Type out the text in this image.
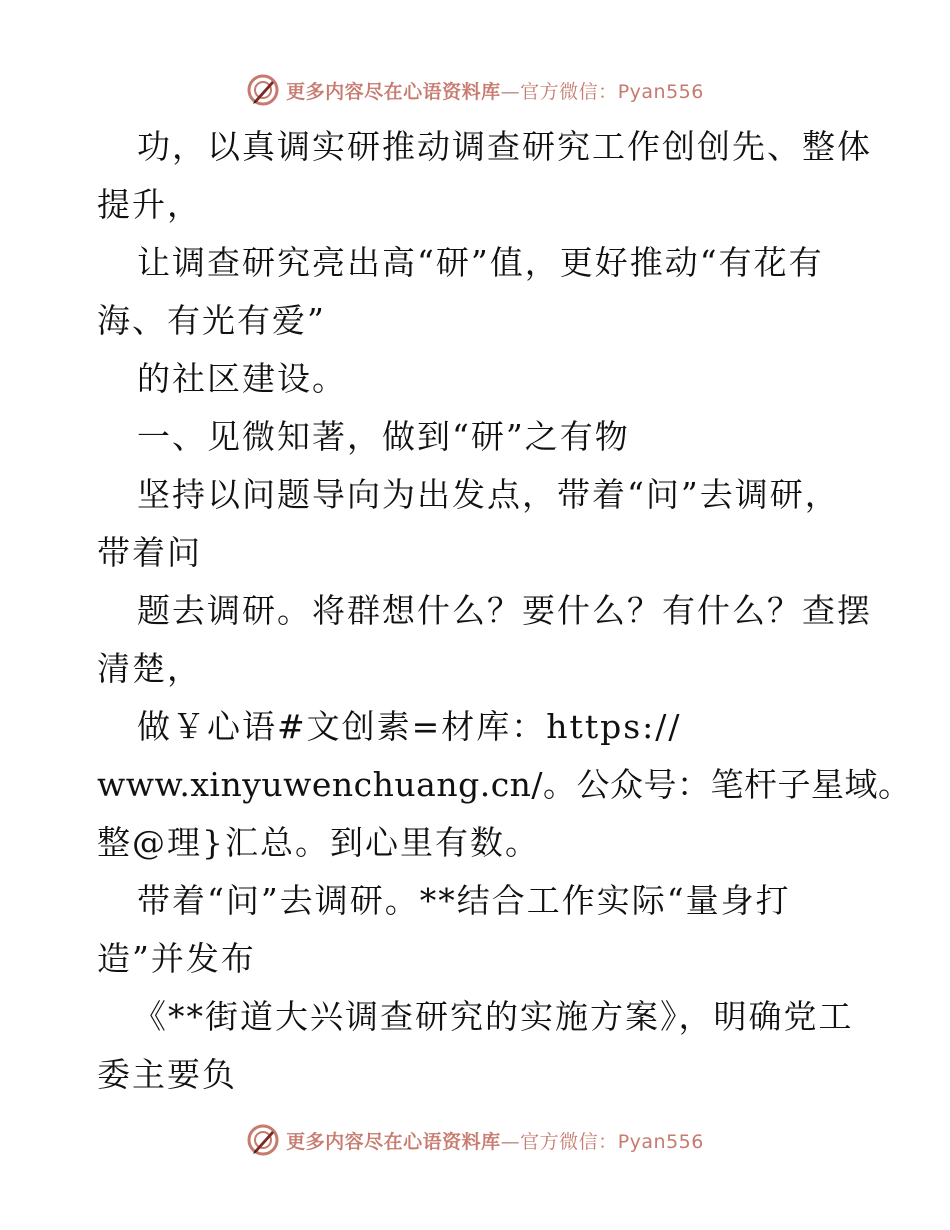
更多内容尽在心语资料库—官方微信：Pyan556
功，以真调实研推动调查研究工作创创先、整体
提升，
让调查研究亮出高“研”值，更好推动“有花有
海、有光有爱”
的社区建设。
一、见微知著，做到“研”之有物
坚持以问题导向为出发点，带着“问”去调研，
带着问
题去调研。将群想什么？要什么？有什么？查摆
清楚，
做￥心语#文创素=材库：https://
www.xinyuwenchuang.cn/。公众号：笔杆子星域。
整@理}汇总。到心里有数。
带着“问”去调研。**结合工作实际“量身打
造”并发布
《**街道大兴调查研究的实施方案》，明确党工
委主要负
更多内容尽在心语资料库—官方微信：Pyan556
